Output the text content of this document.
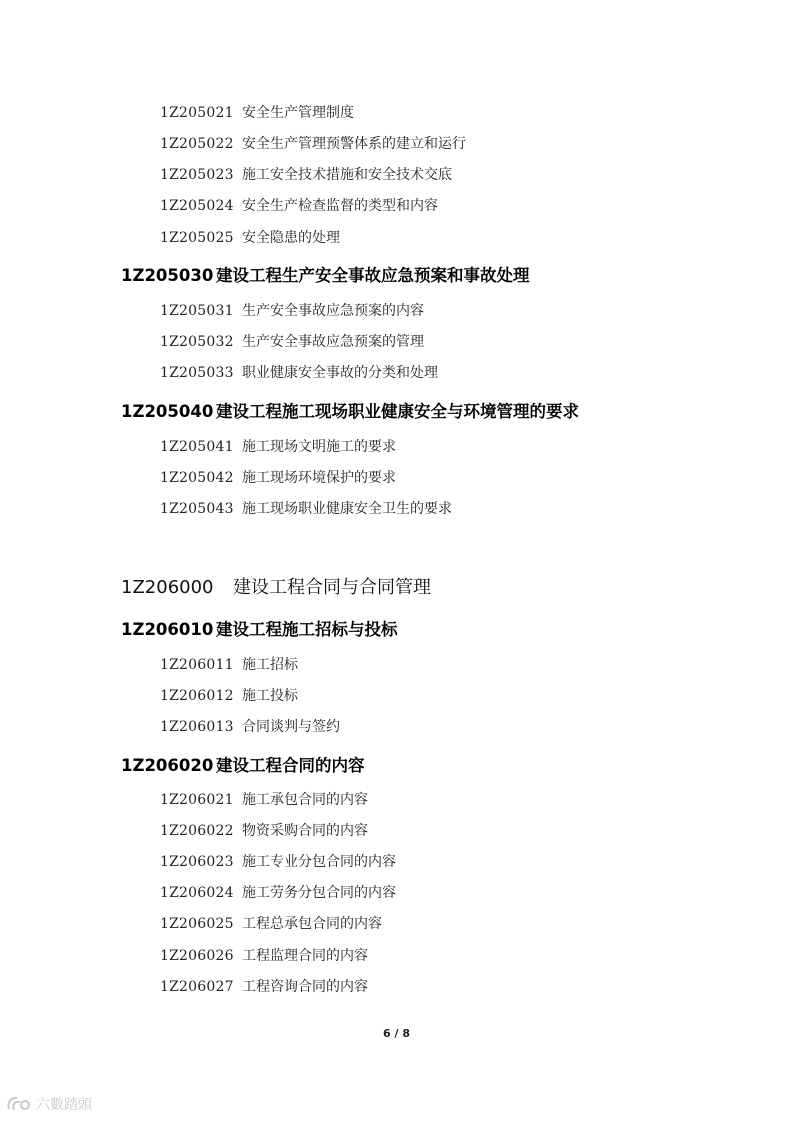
1Z205021 安全生产管理制度
1Z205022 安全生产管理预警体系的建立和运行
1Z205023 施工安全技术措施和安全技术交底
1Z205024 安全生产检查监督的类型和内容
1Z205025 安全隐患的处理
1Z205030 建设工程生产安全事故应急预案和事故处理
1Z205031 生产安全事故应急预案的内容
1Z205032 生产安全事故应急预案的管理
1Z205033 职业健康安全事故的分类和处理
1Z205040 建设工程施工现场职业健康安全与环境管理的要求
1Z205041 施工现场文明施工的要求
1Z205042 施工现场环境保护的要求
1Z205043 施工现场职业健康安全卫生的要求
1Z206000 建设工程合同与合同管理
1Z206010 建设工程施工招标与投标
1Z206011 施工招标
1Z206012 施工投标
1Z206013 合同谈判与签约
1Z206020 建设工程合同的内容
1Z206021 施工承包合同的内容
1Z206022 物资采购合同的内容
1Z206023 施工专业分包合同的内容
1Z206024 施工劳务分包合同的内容
1Z206025 工程总承包合同的内容
1Z206026 工程监理合同的内容
1Z206027 工程咨询合同的内容
6 / 8
六數踏頭
